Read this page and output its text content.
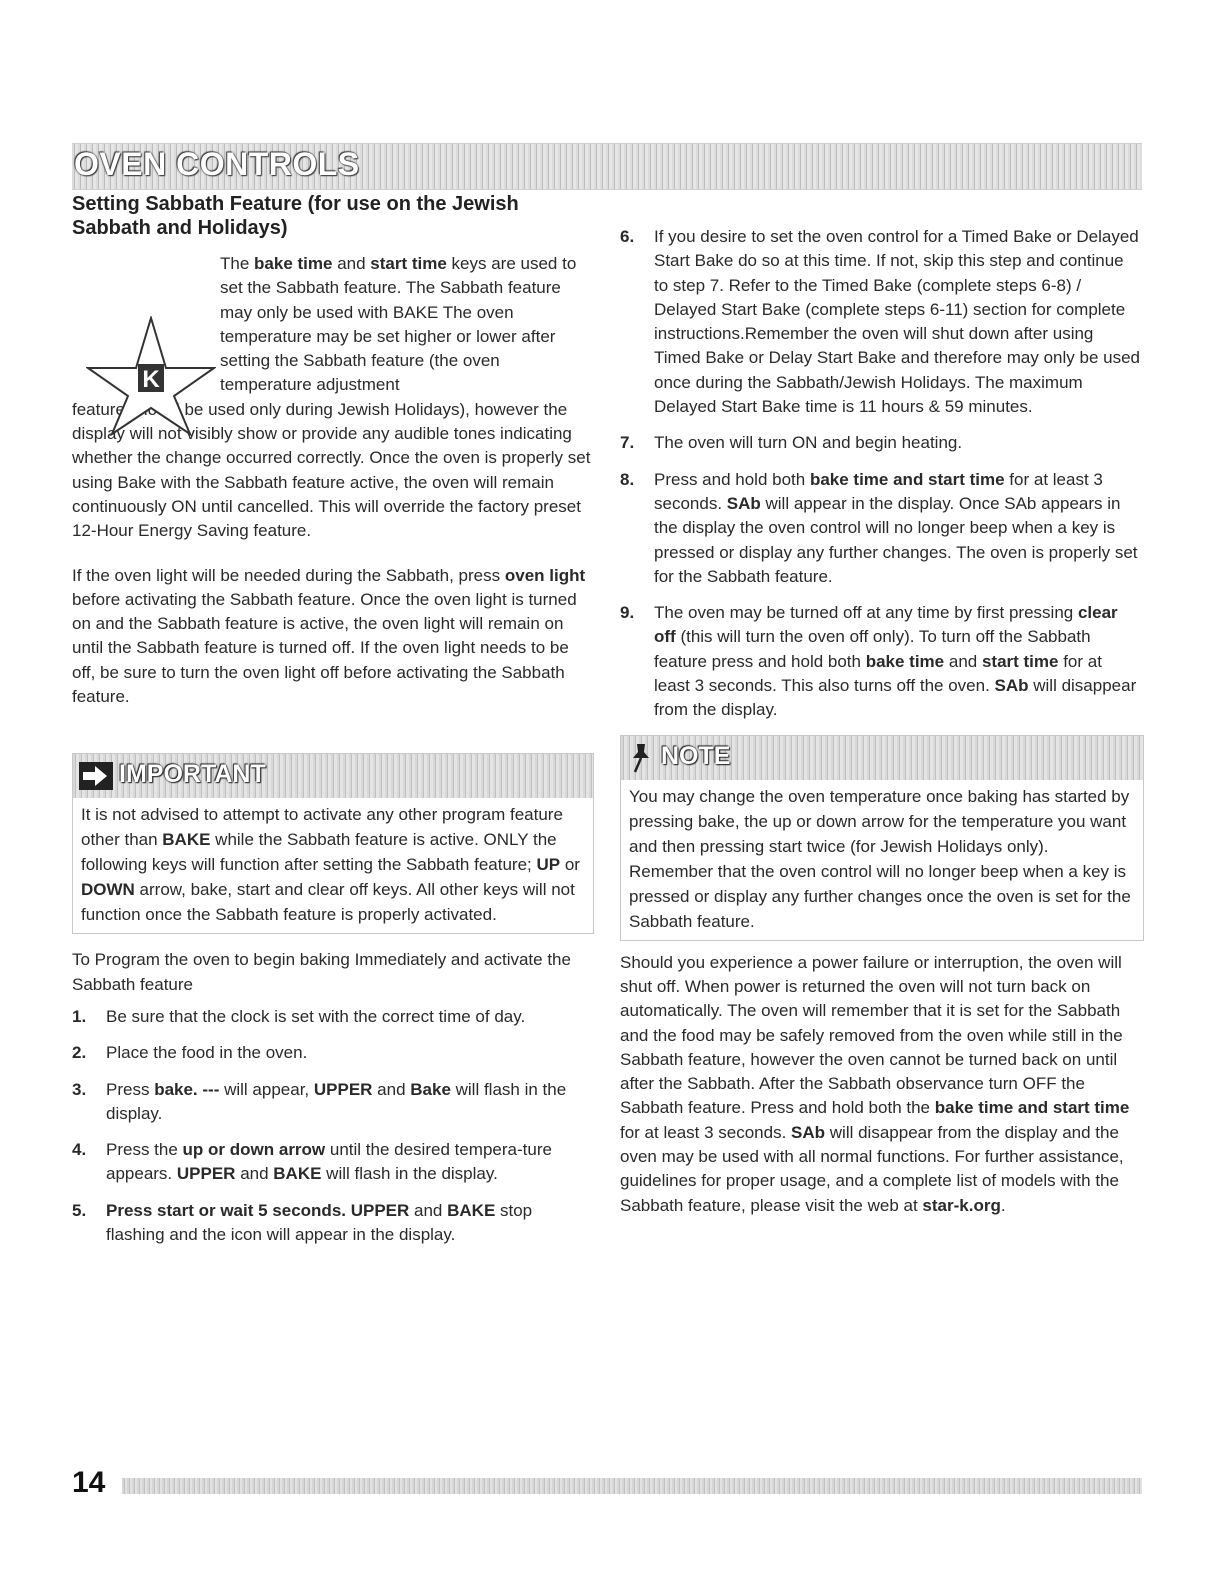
OVEN CONTROLS
Setting Sabbath Feature (for use on the Jewish Sabbath and Holidays)
K

The bake time and start time keys are used to set the Sabbath feature. The Sabbath feature may only be used with BAKE The oven temperature may be set higher or lower after setting the Sabbath feature (the oven temperature adjustment

feature should be used only during Jewish Holidays), however the display will not visibly show or provide any audible tones indicating whether the change occurred correctly. Once the oven is properly set using Bake with the Sabbath feature active, the oven will remain continuously ON until cancelled. This will override the factory preset 12-Hour Energy Saving feature.

If the oven light will be needed during the Sabbath, press oven light before activating the Sabbath feature. Once the oven light is turned on and the Sabbath feature is active, the oven light will remain on until the Sabbath feature is turned off. If the oven light needs to be off, be sure to turn the oven light off before activating the Sabbath feature.

IMPORTANT

It is not advised to attempt to activate any other program feature other than BAKE while the Sabbath feature is active. ONLY the following keys will function after setting the Sabbath feature; UP or DOWN arrow, bake, start and clear off keys. All other keys will not function once the Sabbath feature is properly activated.

To Program the oven to begin baking Immediately and activate the Sabbath feature

1. Be sure that the clock is set with the correct time of day.
2. Place the food in the oven.
3. Press bake. --- will appear, UPPER and Bake will flash in the display.
4. Press the up or down arrow until the desired tempera-ture appears. UPPER and BAKE will flash in the display.
5. Press start or wait 5 seconds. UPPER and BAKE stop flashing and the icon will appear in the display.
6. If you desire to set the oven control for a Timed Bake or Delayed Start Bake do so at this time. If not, skip this step and continue to step 7. Refer to the Timed Bake (complete steps 6-8) / Delayed Start Bake (complete steps 6-11) section for complete instructions.Remember the oven will shut down after using Timed Bake or Delay Start Bake and therefore may only be used once during the Sabbath/Jewish Holidays. The maximum Delayed Start Bake time is 11 hours & 59 minutes.
7. The oven will turn ON and begin heating.
8. Press and hold both bake time and start time for at least 3 seconds. SAb will appear in the display. Once SAb appears in the display the oven control will no longer beep when a key is pressed or display any further changes. The oven is properly set for the Sabbath feature.
9. The oven may be turned off at any time by first pressing clear off (this will turn the oven off only). To turn off the Sabbath feature press and hold both bake time and start time for at least 3 seconds. This also turns off the oven. SAb will disappear from the display.
NOTE

You may change the oven temperature once baking has started by pressing bake, the up or down arrow for the temperature you want and then pressing start twice (for Jewish Holidays only). Remember that the oven control will no longer beep when a key is pressed or display any further changes once the oven is set for the Sabbath feature.

Should you experience a power failure or interruption, the oven will shut off. When power is returned the oven will not turn back on automatically. The oven will remember that it is set for the Sabbath and the food may be safely removed from the oven while still in the Sabbath feature, however the oven cannot be turned back on until after the Sabbath. After the Sabbath observance turn OFF the Sabbath feature. Press and hold both the bake time and start time for at least 3 seconds. SAb will disappear from the display and the oven may be used with all normal functions. For further assistance, guidelines for proper usage, and a complete list of models with the Sabbath feature, please visit the web at star-k.org.

14
